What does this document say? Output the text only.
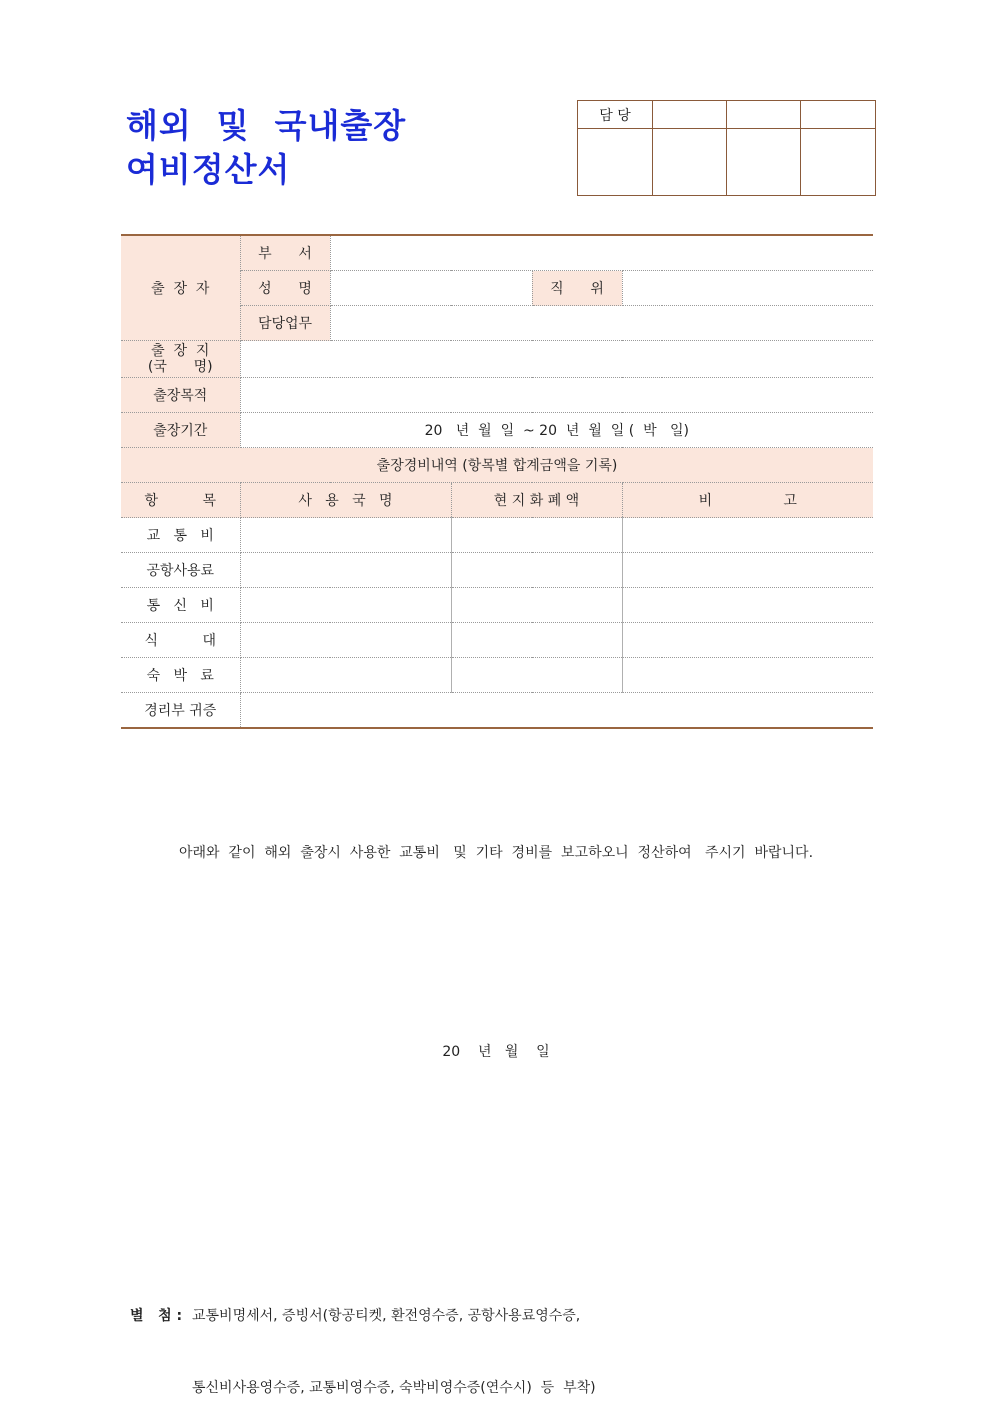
해외  및  국내출장
여비정산서
담 당			

출  장  자	부      서				
	성      명			직      위	
	담당업무				
출  장  지
(국      명)					
출장목적					
출장기간	20   년  월  일  ~ 20  년  월  일 (  박   일)				
출장경비내역 (항목별 합계금액을 기록)					
항          목	사   용   국   명		현 지 화 폐 액		비                고
교   통   비					
공항사용료					
통   신   비					
식          대					
숙   박   료					
경리부 귀증					
아래와  같이  해외  출장시  사용한  교통비   및  기타  경비를  보고하오니  정산하여   주시기  바랍니다.
20    년   월    일

별   첨 : 교통비명세서, 증빙서(항공티켓, 환전영수증, 공항사용료영수증,

통신비사용영수증, 교통비영수증, 숙박비영수증(연수시)  등  부착)
